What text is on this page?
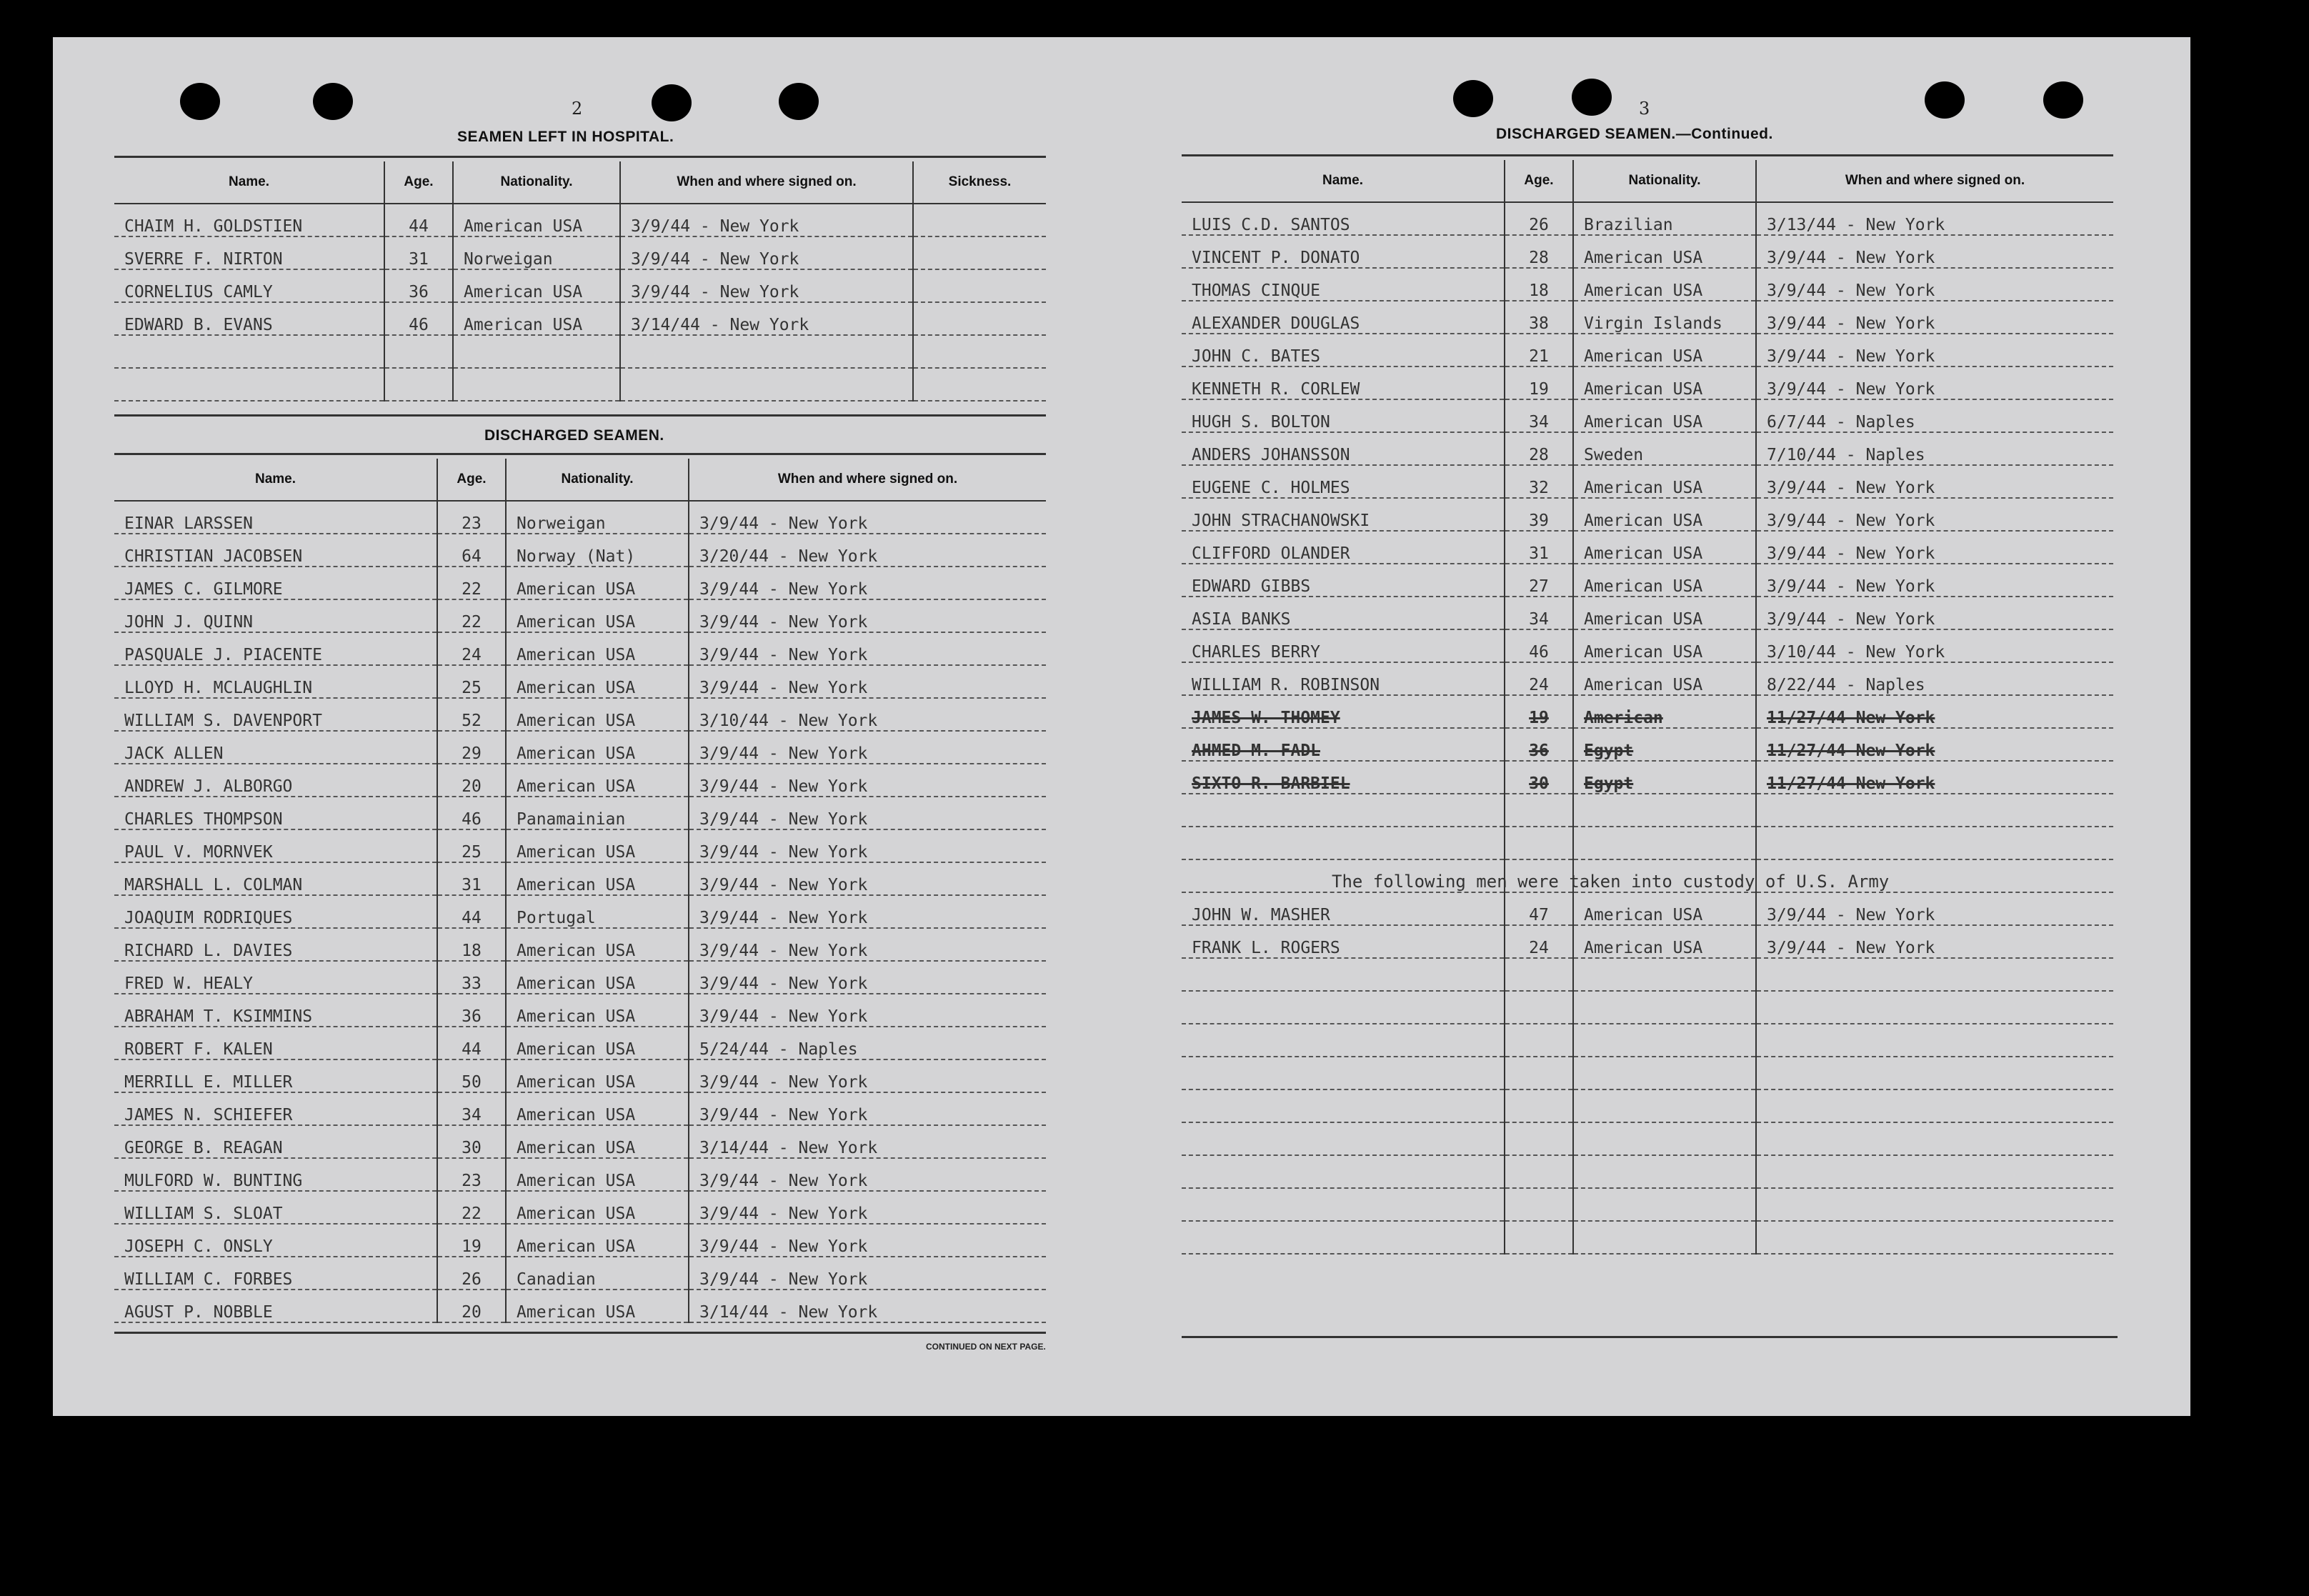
2
SEAMEN LEFT IN HOSPITAL.
Name.	Age.	Nationality.	When and where signed on.	Sickness.
CHAIM H. GOLDSTIEN	44	American USA	3/9/44 - New York	
SVERRE F. NIRTON	31	Norweigan	3/9/44 - New York	
CORNELIUS CAMLY	36	American USA	3/9/44 - New York	
EDWARD B. EVANS	46	American USA	3/14/44 - New York	

DISCHARGED SEAMEN.
Name.	Age.	Nationality.	When and where signed on.
EINAR LARSSEN	23	Norweigan	3/9/44 - New York
CHRISTIAN JACOBSEN	64	Norway (Nat)	3/20/44 - New York
JAMES C. GILMORE	22	American USA	3/9/44 - New York
JOHN J. QUINN	22	American USA	3/9/44 - New York
PASQUALE J. PIACENTE	24	American USA	3/9/44 - New York
LLOYD H. MCLAUGHLIN	25	American USA	3/9/44 - New York
WILLIAM S. DAVENPORT	52	American USA	3/10/44 - New York
JACK ALLEN	29	American USA	3/9/44 - New York
ANDREW J. ALBORGO	20	American USA	3/9/44 - New York
CHARLES THOMPSON	46	Panamainian	3/9/44 - New York
PAUL V. MORNVEK	25	American USA	3/9/44 - New York
MARSHALL L. COLMAN	31	American USA	3/9/44 - New York
JOAQUIM RODRIQUES	44	Portugal	3/9/44 - New York
RICHARD L. DAVIES	18	American USA	3/9/44 - New York
FRED W. HEALY	33	American USA	3/9/44 - New York
ABRAHAM T. KSIMMINS	36	American USA	3/9/44 - New York
ROBERT F. KALEN	44	American USA	5/24/44 - Naples
MERRILL E. MILLER	50	American USA	3/9/44 - New York
JAMES N. SCHIEFER	34	American USA	3/9/44 - New York
GEORGE B. REAGAN	30	American USA	3/14/44 - New York
MULFORD W. BUNTING	23	American USA	3/9/44 - New York
WILLIAM S. SLOAT	22	American USA	3/9/44 - New York
JOSEPH C. ONSLY	19	American USA	3/9/44 - New York
WILLIAM C. FORBES	26	Canadian	3/9/44 - New York
AGUST P. NOBBLE	20	American USA	3/14/44 - New York
CONTINUED ON NEXT PAGE.
3
DISCHARGED SEAMEN.—Continued.
Name.	Age.	Nationality.	When and where signed on.
LUIS C.D. SANTOS	26	Brazilian	3/13/44 - New York
VINCENT P. DONATO	28	American USA	3/9/44 - New York
THOMAS CINQUE	18	American USA	3/9/44 - New York
ALEXANDER DOUGLAS	38	Virgin Islands	3/9/44 - New York
JOHN C. BATES	21	American USA	3/9/44 - New York
KENNETH R. CORLEW	19	American USA	3/9/44 - New York
HUGH S. BOLTON	34	American USA	6/7/44 - Naples
ANDERS JOHANSSON	28	Sweden	7/10/44 - Naples
EUGENE C. HOLMES	32	American USA	3/9/44 - New York
JOHN STRACHANOWSKI	39	American USA	3/9/44 - New York
CLIFFORD OLANDER	31	American USA	3/9/44 - New York
EDWARD GIBBS	27	American USA	3/9/44 - New York
ASIA BANKS	34	American USA	3/9/44 - New York
CHARLES BERRY	46	American USA	3/10/44 - New York
WILLIAM R. ROBINSON	24	American USA	8/22/44 - Naples
JAMES W. THOMEY	19	American	11/27/44 New York
AHMED M. FADL	36	Egypt	11/27/44 New York
SIXTO R. BARBIEL	30	Egypt	11/27/44 New York

JOHN W. MASHER	47	American USA	3/9/44 - New York
FRANK L. ROGERS	24	American USA	3/9/44 - New York

The following men were taken into custody of U.S. Army
